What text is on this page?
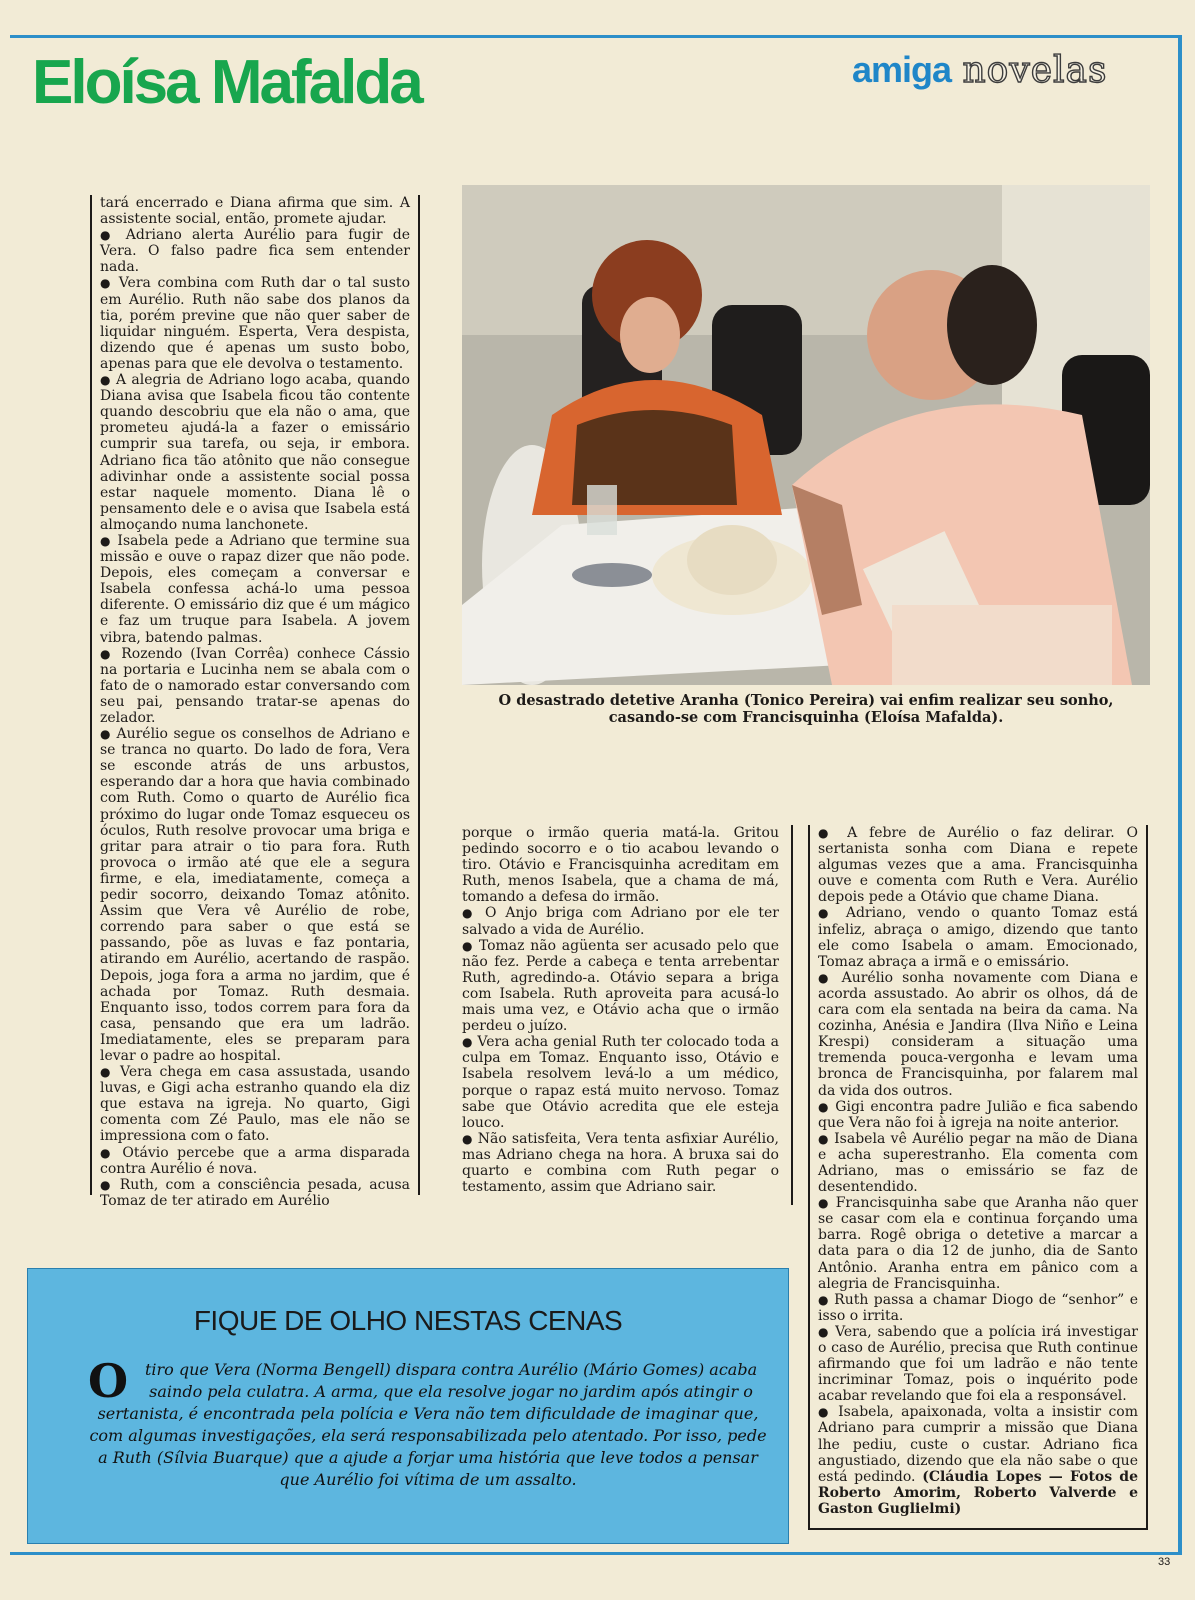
Eloísa Mafalda	amiga novelas

tará encerrado e Diana afirma que sim. A assistente social, então, promete ajudar.

● Adriano alerta Aurélio para fugir de Vera. O falso padre fica sem entender nada.

● Vera combina com Ruth dar o tal susto em Aurélio. Ruth não sabe dos planos da tia, porém previne que não quer saber de liquidar ninguém. Esperta, Vera despista, dizendo que é apenas um susto bobo, apenas para que ele devolva o testamento.

● A alegria de Adriano logo acaba, quando Diana avisa que Isabela ficou tão contente quando descobriu que ela não o ama, que prometeu ajudá-la a fazer o emissário cumprir sua tarefa, ou seja, ir embora. Adriano fica tão atônito que não consegue adivinhar onde a assistente social possa estar naquele momento. Diana lê o pensamento dele e o avisa que Isabela está almoçando numa lanchonete.

● Isabela pede a Adriano que termine sua missão e ouve o rapaz dizer que não pode. Depois, eles começam a conversar e Isabela confessa achá-lo uma pessoa diferente. O emissário diz que é um mágico e faz um truque para Isabela. A jovem vibra, batendo palmas.

● Rozendo (Ivan Corrêa) conhece Cássio na portaria e Lucinha nem se abala com o fato de o namorado estar conversando com seu pai, pensando tratar-se apenas do zelador.

● Aurélio segue os conselhos de Adriano e se tranca no quarto. Do lado de fora, Vera se esconde atrás de uns arbustos, esperando dar a hora que havia combinado com Ruth. Como o quarto de Aurélio fica próximo do lugar onde Tomaz esqueceu os óculos, Ruth resolve provocar uma briga e gritar para atrair o tio para fora. Ruth provoca o irmão até que ele a segura firme, e ela, imediatamente, começa a pedir socorro, deixando Tomaz atônito. Assim que Vera vê Aurélio de robe, correndo para saber o que está se passando, põe as luvas e faz pontaria, atirando em Aurélio, acertando de raspão. Depois, joga fora a arma no jardim, que é achada por Tomaz. Ruth desmaia. Enquanto isso, todos correm para fora da casa, pensando que era um ladrão. Imediatamente, eles se preparam para levar o padre ao hospital.

● Vera chega em casa assustada, usando luvas, e Gigi acha estranho quando ela diz que estava na igreja. No quarto, Gigi comenta com Zé Paulo, mas ele não se impressiona com o fato.

● Otávio percebe que a arma disparada contra Aurélio é nova.

● Ruth, com a consciência pesada, acusa Tomaz de ter atirado em Aurélio

O desastrado detetive Aranha (Tonico Pereira) vai enfim realizar seu sonho, casando-se com Francisquinha (Eloísa Mafalda).

porque o irmão queria matá-la. Gritou pedindo socorro e o tio acabou levando o tiro. Otávio e Francisquinha acreditam em Ruth, menos Isabela, que a chama de má, tomando a defesa do irmão.

● O Anjo briga com Adriano por ele ter salvado a vida de Aurélio.

● Tomaz não agüenta ser acusado pelo que não fez. Perde a cabeça e tenta arrebentar Ruth, agredindo-a. Otávio separa a briga com Isabela. Ruth aproveita para acusá-lo mais uma vez, e Otávio acha que o irmão perdeu o juízo.

● Vera acha genial Ruth ter colocado toda a culpa em Tomaz. Enquanto isso, Otávio e Isabela resolvem levá-lo a um médico, porque o rapaz está muito nervoso. Tomaz sabe que Otávio acredita que ele esteja louco.

● Não satisfeita, Vera tenta asfixiar Aurélio, mas Adriano chega na hora. A bruxa sai do quarto e combina com Ruth pegar o testamento, assim que Adriano sair.

● A febre de Aurélio o faz delirar. O sertanista sonha com Diana e repete algumas vezes que a ama. Francisquinha ouve e comenta com Ruth e Vera. Aurélio depois pede a Otávio que chame Diana.

● Adriano, vendo o quanto Tomaz está infeliz, abraça o amigo, dizendo que tanto ele como Isabela o amam. Emocionado, Tomaz abraça a irmã e o emissário.

● Aurélio sonha novamente com Diana e acorda assustado. Ao abrir os olhos, dá de cara com ela sentada na beira da cama. Na cozinha, Anésia e Jandira (Ilva Niño e Leina Krespi) consideram a situação uma tremenda pouca-vergonha e levam uma bronca de Francisquinha, por falarem mal da vida dos outros.

● Gigi encontra padre Julião e fica sabendo que Vera não foi à igreja na noite anterior.

● Isabela vê Aurélio pegar na mão de Diana e acha superestranho. Ela comenta com Adriano, mas o emissário se faz de desentendido.

● Francisquinha sabe que Aranha não quer se casar com ela e continua forçando uma barra. Rogê obriga o detetive a marcar a data para o dia 12 de junho, dia de Santo Antônio. Aranha entra em pânico com a alegria de Francisquinha.

● Ruth passa a chamar Diogo de “senhor” e isso o irrita.

● Vera, sabendo que a polícia irá investigar o caso de Aurélio, precisa que Ruth continue afirmando que foi um ladrão e não tente incriminar Tomaz, pois o inquérito pode acabar revelando que foi ela a responsável.

● Isabela, apaixonada, volta a insistir com Adriano para cumprir a missão que Diana lhe pediu, custe o custar. Adriano fica angustiado, dizendo que ela não sabe o que está pedindo. (Cláudia Lopes — Fotos de Roberto Amorim, Roberto Valverde e Gaston Guglielmi)

FIQUE DE OLHO NESTAS CENAS
O tiro que Vera (Norma Bengell) dispara contra Aurélio (Mário Gomes) acaba saindo pela culatra. A arma, que ela resolve jogar no jardim após atingir o sertanista, é encontrada pela polícia e Vera não tem dificuldade de imaginar que, com algumas investigações, ela será responsabilizada pelo atentado. Por isso, pede a Ruth (Sílvia Buarque) que a ajude a forjar uma história que leve todos a pensar que Aurélio foi vítima de um assalto.
33
